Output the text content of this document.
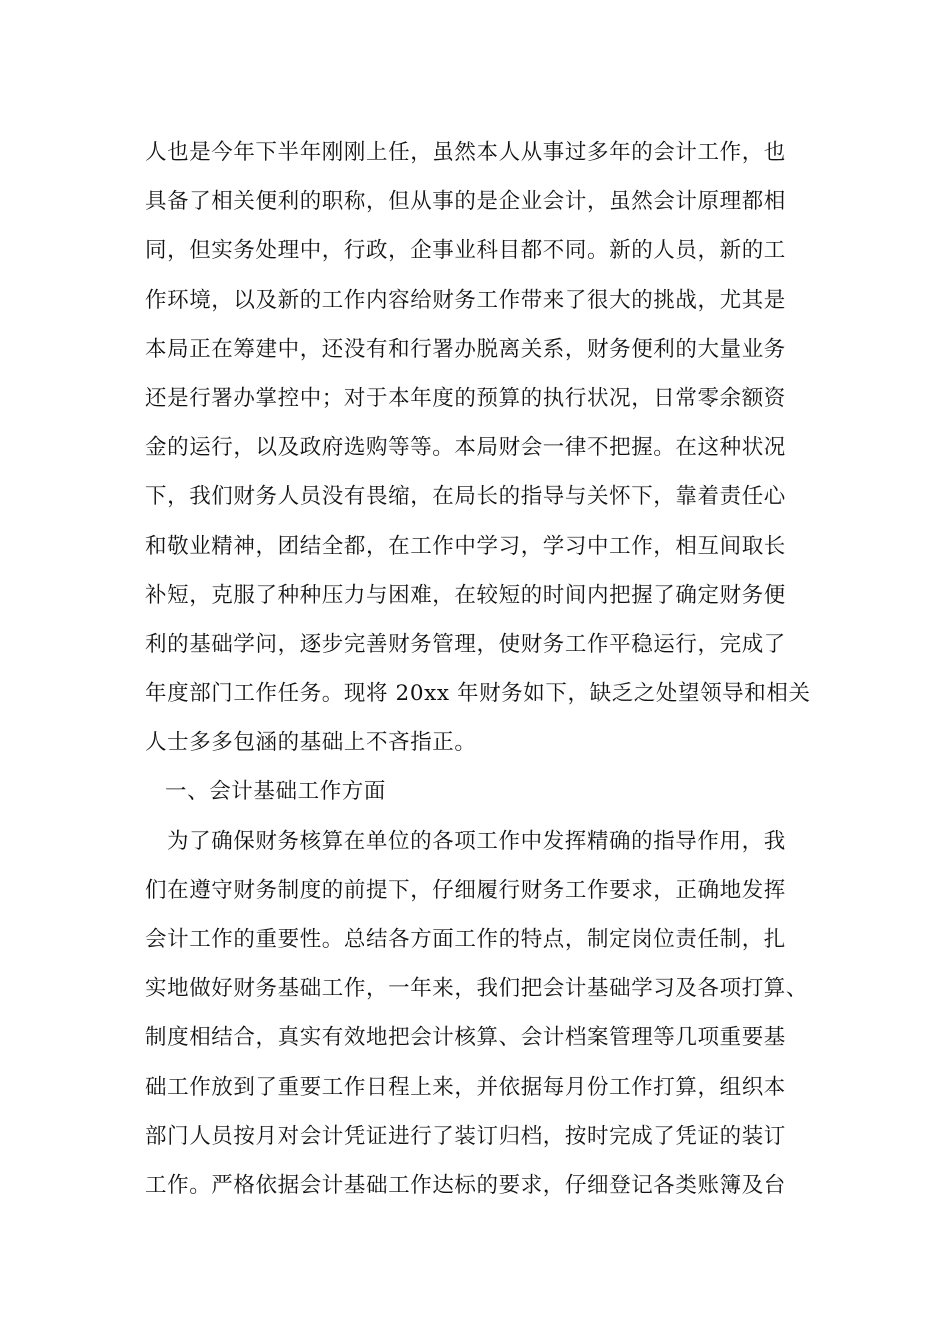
人也是今年下半年刚刚上任，虽然本人从事过多年的会计工作，也
具备了相关便利的职称，但从事的是企业会计，虽然会计原理都相
同，但实务处理中，行政，企事业科目都不同。新的人员，新的工
作环境，以及新的工作内容给财务工作带来了很大的挑战，尤其是
本局正在筹建中，还没有和行署办脱离关系，财务便利的大量业务
还是行署办掌控中；对于本年度的预算的执行状况，日常零余额资
金的运行，以及政府选购等等。本局财会一律不把握。在这种状况
下，我们财务人员没有畏缩，在局长的指导与关怀下，靠着责任心
和敬业精神，团结全都，在工作中学习，学习中工作，相互间取长
补短，克服了种种压力与困难，在较短的时间内把握了确定财务便
利的基础学问，逐步完善财务管理，使财务工作平稳运行，完成了
年度部门工作任务。现将 20xx 年财务如下，缺乏之处望领导和相关
人士多多包涵的基础上不吝指正。
一、会计基础工作方面
为了确保财务核算在单位的各项工作中发挥精确的指导作用，我
们在遵守财务制度的前提下，仔细履行财务工作要求，正确地发挥
会计工作的重要性。总结各方面工作的特点，制定岗位责任制，扎
实地做好财务基础工作，一年来，我们把会计基础学习及各项打算、
制度相结合，真实有效地把会计核算、会计档案管理等几项重要基
础工作放到了重要工作日程上来，并依据每月份工作打算，组织本
部门人员按月对会计凭证进行了装订归档，按时完成了凭证的装订
工作。严格依据会计基础工作达标的要求，仔细登记各类账簿及台
